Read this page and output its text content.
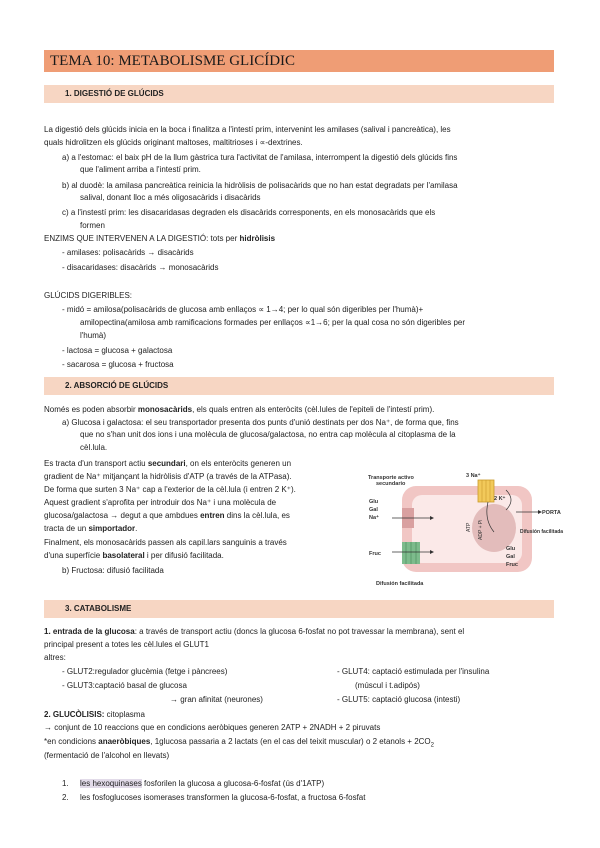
TEMA 10: METABOLISME GLICÍDIC
1. DIGESTIÓ DE GLÚCIDS
La digestió dels glúcids inicia en la boca i finalitza a l'intestí prim, intervenint les amilases (salival i pancreàtica), les
quals hidrolitzen els glúcids originant maltoses, maltitrioses i ∝-dextrines.
a) a l'estomac: el baix pH de la llum gàstrica tura l'activitat de l'amilasa, interrompent la digestió dels glúcids fins
que l'aliment arriba a l'intestí prim.
b) al duodè: la amilasa pancreàtica reinicia la hidròlisis de polisacàrids que no han estat degradats per l'amilasa
salival, donant lloc a més oligosacàrids i disacàrids
c) a l'instestí prim: les disacaridasas degraden els disacàrids corresponents, en els monosacàrids que els
formen
ENZIMS QUE INTERVENEN A LA DIGESTIÓ: tots per hidròlisis
- amilases: polisacàrids → disacàrids
- disacaridases: disacàrids → monosacàrids
GLÚCIDS DIGERIBLES:
- midó = amilosa(polisacàrids de glucosa amb enllaços ∝ 1→4; per lo qual són digeribles per l'humà)+
amilopectina(amilosa amb ramificacions formades per enllaços ∝1→6; per la qual cosa no són digeribles per
l'humà)
- lactosa = glucosa + galactosa
- sacarosa = glucosa + fructosa
2. ABSORCIÓ DE GLÚCIDS
Només es poden absorbir monosacàrids, els quals entren als enteròcits (cèl.lules de l'epiteli de l'intestí prim).
a) Glucosa i galactosa: el seu transportador presenta dos punts d'unió destinats per dos Na⁺, de forma que, fins
que no s'han unit dos ions i una molècula de glucosa/galactosa, no entra cap molècula al citoplasma de la
cèl.lula.
Es tracta d'un transport actiu secundari, on els enteròcits generen un
gradient de Na⁺ mitjançant la hidròlisis d'ATP (a través de la ATPasa).
De forma que surten 3 Na⁺ cap a l'exterior de la cèl.lula (i entren 2 K⁺).
Aquest gradient s'aprofita per introduir dos Na⁺ i una molècula de
glucosa/galactosa → degut a que ambdues entren dins la cèl.lula, es
tracta de un simportador.
Finalment, els monosacàrids passen als capil.lars sanguinis a través
d'una superfície basolateral i per difusió facilitada.
b) Fructosa: difusió facilitada
Transporte activo
secundario
3 Na⁺
2 K⁺
ATP ADP + Pi
Glu
Gal
Na⁺
PORTA
Difusión facilitada
Glu
Gal
Fruc
Fruc
Difusión facilitada
3. CATABOLISME
1. entrada de la glucosa: a través de transport actiu (doncs la glucosa 6-fosfat no pot travessar la membrana), sent el
principal present a totes les cèl.lules el GLUT1
altres:
- GLUT2:regulador glucèmia (fetge i pàncrees)
- GLUT3:captació basal de glucosa
→ gran afinitat (neurones)
- GLUT4: captació estimulada per l'insulina
(múscul i t.adipós)
- GLUT5: captació glucosa (intesti)
2. GLUCÒLISIS: citoplasma
→ conjunt de 10 reaccions que en condicions aeròbiques generen 2ATP + 2NADH + 2 piruvats
*en condicions anaeròbiques, 1glucosa passaria a 2 lactats (en el cas del teixit muscular) o 2 etanols + $2CO_2$
(fermentació de l'alcohol en llevats)
1. les hexoquinases fosforilen la glucosa a glucosa-6-fosfat (ús d'1ATP)
2. les fosfoglucoses isomerases transformen la glucosa-6-fosfat, a fructosa 6-fosfat
